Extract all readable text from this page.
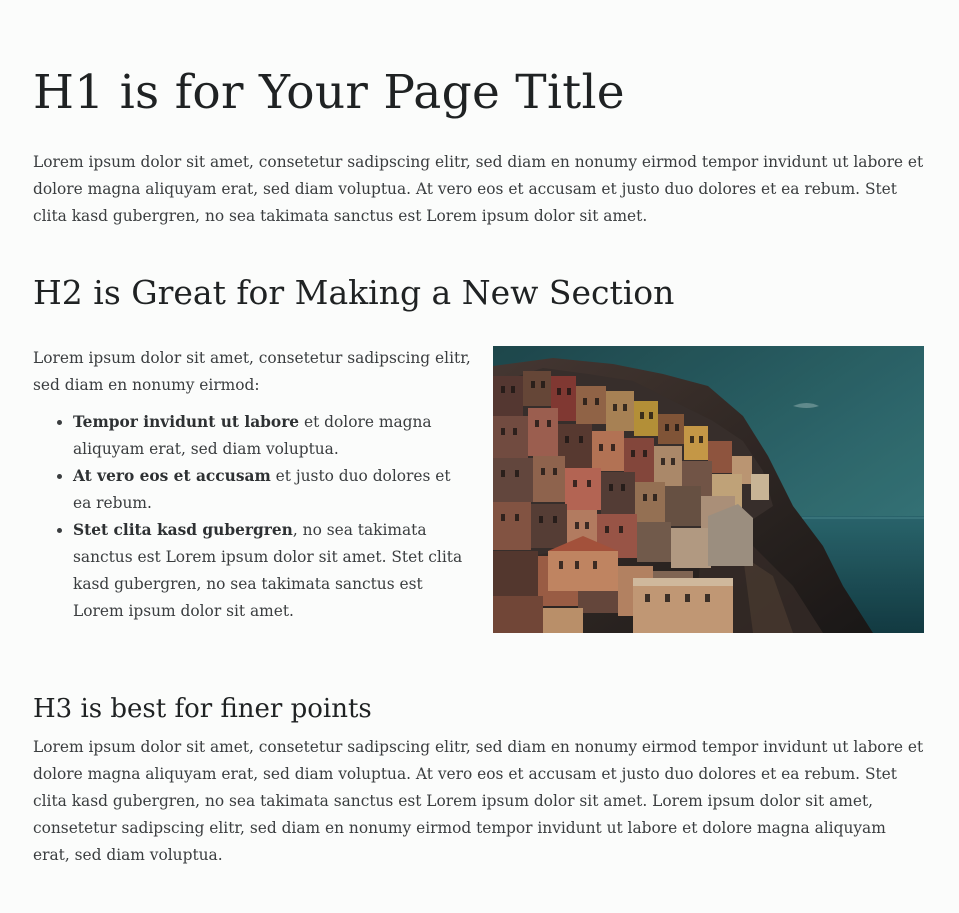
H1 is for Your Page Title

Lorem ipsum dolor sit amet, consetetur sadipscing elitr, sed diam en nonumy eirmod tempor invidunt ut labore et dolore magna aliquyam erat, sed diam voluptua. At vero eos et accusam et justo duo dolores et ea rebum. Stet clita kasd gubergren, no sea takimata sanctus est Lorem ipsum dolor sit amet.

H2 is Great for Making a New Section

Lorem ipsum dolor sit amet, consetetur sadipscing elitr, sed diam en nonumy eirmod:

• Tempor invidunt ut labore et dolore magna aliquyam erat, sed diam voluptua.
• At vero eos et accusam et justo duo dolores et ea rebum.
• Stet clita kasd gubergren, no sea takimata sanctus est Lorem ipsum dolor sit amet. Stet clita kasd gubergren, no sea takimata sanctus est Lorem ipsum dolor sit amet.
H3 is best for finer points

Lorem ipsum dolor sit amet, consetetur sadipscing elitr, sed diam en nonumy eirmod tempor invidunt ut labore et dolore magna aliquyam erat, sed diam voluptua. At vero eos et accusam et justo duo dolores et ea rebum. Stet clita kasd gubergren, no sea takimata sanctus est Lorem ipsum dolor sit amet. Lorem ipsum dolor sit amet, consetetur sadipscing elitr, sed diam en nonumy eirmod tempor invidunt ut labore et dolore magna aliquyam erat, sed diam voluptua.
